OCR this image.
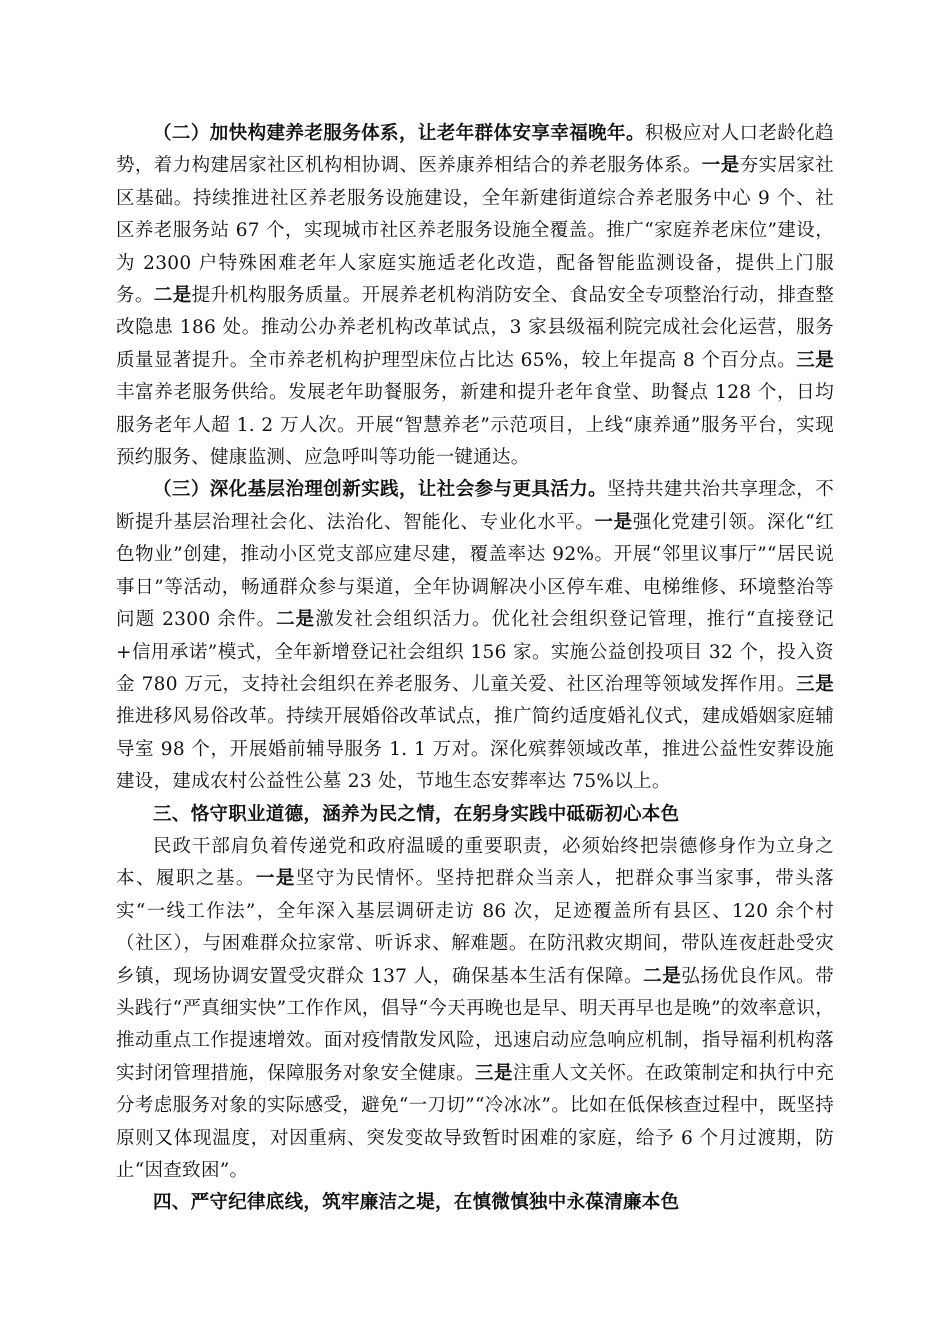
（二）加快构建养老服务体系，让老年群体安享幸福晚年。积极应对人口老龄化趋势，着力构建居家社区机构相协调、医养康养相结合的养老服务体系。一是夯实居家社区基础。持续推进社区养老服务设施建设，全年新建街道综合养老服务中心 9 个、社区养老服务站 67 个，实现城市社区养老服务设施全覆盖。推广“家庭养老床位”建设，为 2300 户特殊困难老年人家庭实施适老化改造，配备智能监测设备，提供上门服务。二是提升机构服务质量。开展养老机构消防安全、食品安全专项整治行动，排查整改隐患 186 处。推动公办养老机构改革试点，3 家县级福利院完成社会化运营，服务质量显著提升。全市养老机构护理型床位占比达 65%，较上年提高 8 个百分点。三是丰富养老服务供给。发展老年助餐服务，新建和提升老年食堂、助餐点 128 个，日均服务老年人超 1. 2 万人次。开展“智慧养老”示范项目，上线“康养通”服务平台，实现预约服务、健康监测、应急呼叫等功能一键通达。

（三）深化基层治理创新实践，让社会参与更具活力。坚持共建共治共享理念，不断提升基层治理社会化、法治化、智能化、专业化水平。一是强化党建引领。深化“红色物业”创建，推动小区党支部应建尽建，覆盖率达 92%。开展“邻里议事厅”“居民说事日”等活动，畅通群众参与渠道，全年协调解决小区停车难、电梯维修、环境整治等问题 2300 余件。二是激发社会组织活力。优化社会组织登记管理，推行“直接登记+信用承诺”模式，全年新增登记社会组织 156 家。实施公益创投项目 32 个，投入资金 780 万元，支持社会组织在养老服务、儿童关爱、社区治理等领域发挥作用。三是推进移风易俗改革。持续开展婚俗改革试点，推广简约适度婚礼仪式，建成婚姻家庭辅导室 98 个，开展婚前辅导服务 1. 1 万对。深化殡葬领域改革，推进公益性安葬设施建设，建成农村公益性公墓 23 处，节地生态安葬率达 75%以上。

三、恪守职业道德，涵养为民之情，在躬身实践中砥砺初心本色

民政干部肩负着传递党和政府温暖的重要职责，必须始终把崇德修身作为立身之本、履职之基。一是坚守为民情怀。坚持把群众当亲人，把群众事当家事，带头落实“一线工作法”，全年深入基层调研走访 86 次，足迹覆盖所有县区、120 余个村（社区），与困难群众拉家常、听诉求、解难题。在防汛救灾期间，带队连夜赶赴受灾乡镇，现场协调安置受灾群众 137 人，确保基本生活有保障。二是弘扬优良作风。带头践行“严真细实快”工作作风，倡导“今天再晚也是早、明天再早也是晚”的效率意识，推动重点工作提速增效。面对疫情散发风险，迅速启动应急响应机制，指导福利机构落实封闭管理措施，保障服务对象安全健康。三是注重人文关怀。在政策制定和执行中充分考虑服务对象的实际感受，避免“一刀切”“冷冰冰”。比如在低保核查过程中，既坚持原则又体现温度，对因重病、突发变故导致暂时困难的家庭，给予 6 个月过渡期，防止“因查致困”。

四、严守纪律底线，筑牢廉洁之堤，在慎微慎独中永葆清廉本色
